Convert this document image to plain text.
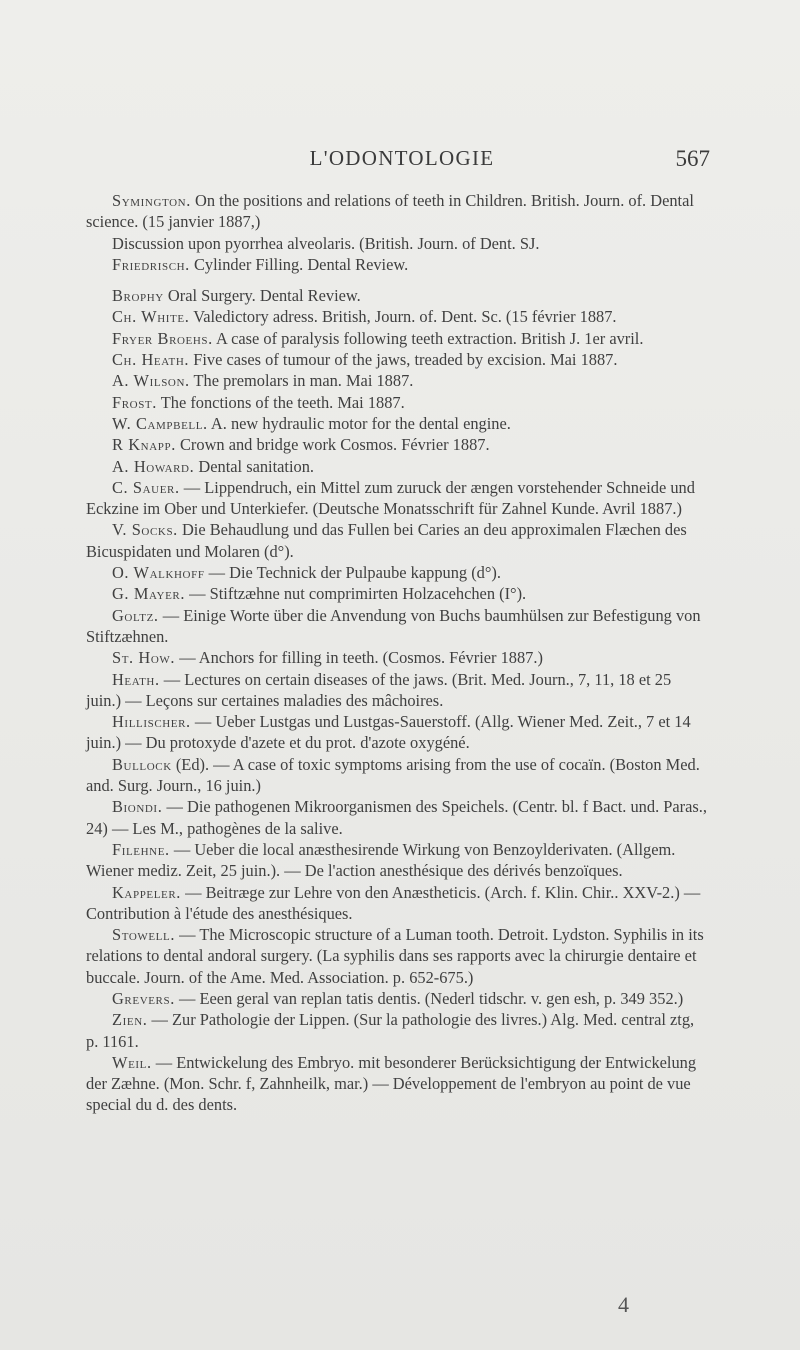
L'ODONTOLOGIE	567

Symington. On the positions and relations of teeth in Children. British. Journ. of. Dental science. (15 janvier 1887,)

Discussion upon pyorrhea alveolaris. (British. Journ. of Dent. SJ.

Friedrisch. Cylinder Filling. Dental Review.

Brophy Oral Surgery. Dental Review.

Ch. White. Valedictory adress. British, Journ. of. Dent. Sc. (15 février 1887.

Fryer Broehs. A case of paralysis following teeth extraction. British J. 1er avril.

Ch. Heath. Five cases of tumour of the jaws, treaded by excision. Mai 1887.

A. Wilson. The premolars in man. Mai 1887.

Frost. The fonctions of the teeth. Mai 1887.

W. Campbell. A. new hydraulic motor for the dental engine.

R Knapp. Crown and bridge work Cosmos. Février 1887.

A. Howard. Dental sanitation.

C. Sauer. — Lippendruch, ein Mittel zum zuruck der ængen vorstehender Schneide und Eckzine im Ober und Unterkiefer. (Deutsche Monatsschrift für Zahnel Kunde. Avril 1887.)

V. Socks. Die Behaudlung und das Fullen bei Caries an deu approximalen Flæchen des Bicuspidaten und Molaren (d°).

O. Walkhoff — Die Technick der Pulpaube kappung (d°).

G. Mayer. — Stiftzæhne nut comprimirten Holzacehchen (I°).

Goltz. — Einige Worte über die Anvendung von Buchs baumhülsen zur Befestigung von Stiftzæhnen.

St. How. — Anchors for filling in teeth. (Cosmos. Février 1887.)

Heath. — Lectures on certain diseases of the jaws. (Brit. Med. Journ., 7, 11, 18 et 25 juin.) — Leçons sur certaines maladies des mâchoires.

Hillischer. — Ueber Lustgas und Lustgas-Sauerstoff. (Allg. Wiener Med. Zeit., 7 et 14 juin.) — Du protoxyde d'azete et du prot. d'azote oxygéné.

Bullock (Ed). — A case of toxic symptoms arising from the use of cocaïn. (Boston Med. and. Surg. Journ., 16 juin.)

Biondi. — Die pathogenen Mikroorganismen des Speichels. (Centr. bl. f Bact. und. Paras., 24) — Les M., pathogènes de la salive.

Filehne. — Ueber die local anæsthesirende Wirkung von Benzoylderivaten. (Allgem. Wiener mediz. Zeit, 25 juin.). — De l'action anesthésique des dérivés benzoïques.

Kappeler. — Beitræge zur Lehre von den Anæstheticis. (Arch. f. Klin. Chir.. XXV-2.) — Contribution à l'étude des anesthésiques.

Stowell. — The Microscopic structure of a Luman tooth. Detroit. Lydston. Syphilis in its relations to dental andoral surgery. (La syphilis dans ses rapports avec la chirurgie dentaire et buccale. Journ. of the Ame. Med. Association. p. 652-675.)

Grevers. — Eeen geral van replan tatis dentis. (Nederl tidschr. v. gen esh, p. 349 352.)

Zien. — Zur Pathologie der Lippen. (Sur la pathologie des livres.) Alg. Med. central ztg, p. 1161.

Weil. — Entwickelung des Embryo. mit besonderer Berücksichtigung der Entwickelung der Zæhne. (Mon. Schr. f, Zahnheilk, mar.) — Développement de l'embryon au point de vue special du d. des dents.

4
